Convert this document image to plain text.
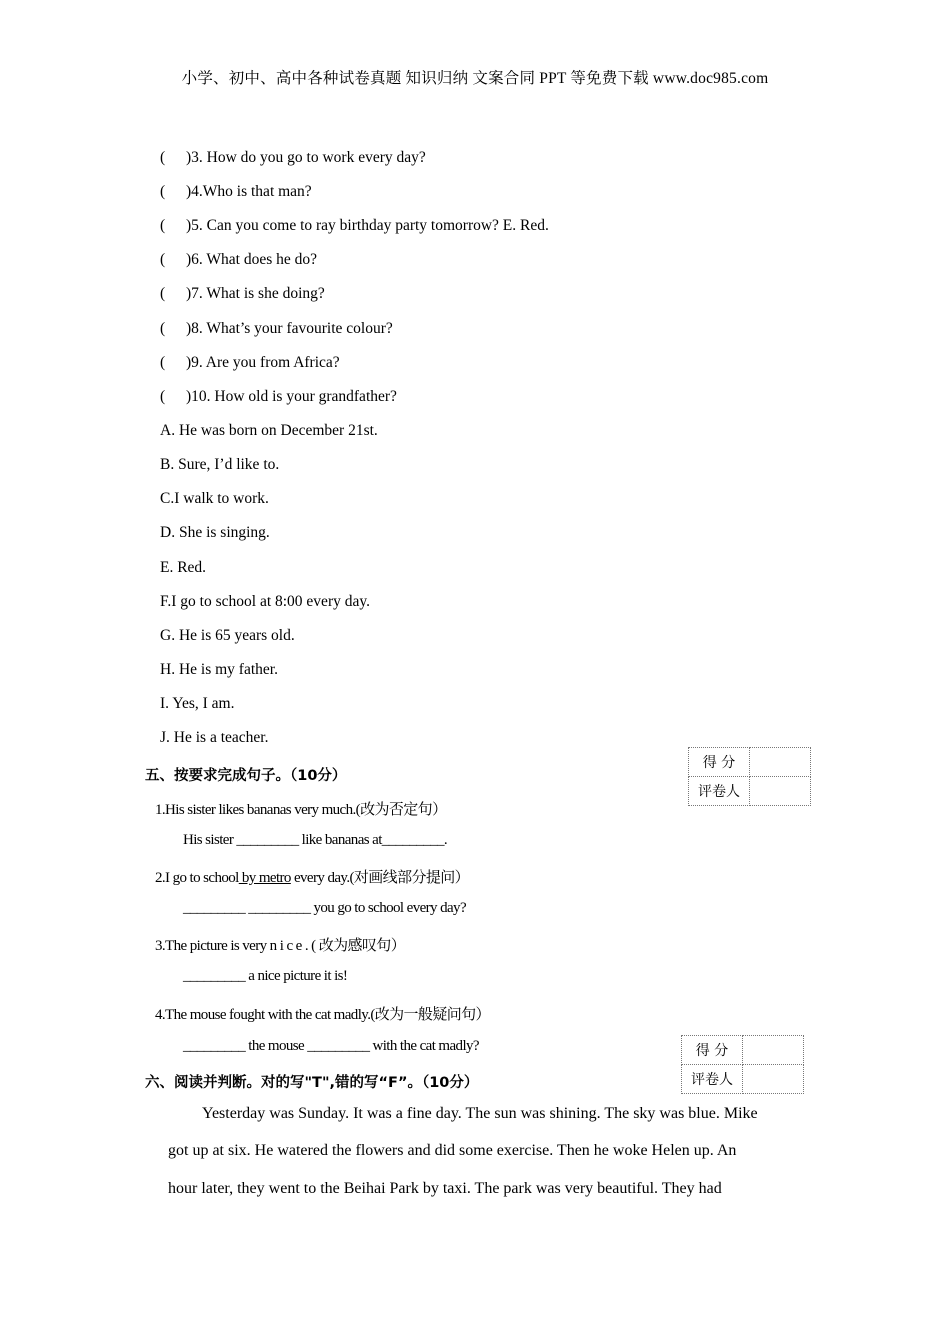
小学、初中、高中各种试卷真题 知识归纳 文案合同 PPT 等免费下载 www.doc985.com
( )3. How do you go to work every day?
( )4.Who is that man?
( )5. Can you come to ray birthday party tomorrow? E. Red.
( )6. What does he do?
( )7. What is she doing?
( )8. What’s your favourite colour?
( )9. Are you from Africa?
( )10. How old is your grandfather?
A. He was born on December 21st.
B. Sure, I’d like to.
C.I walk to work.
D. She is singing.
E. Red.
F.I go to school at 8:00 every day.
G. He is 65 years old.
H. He is my father.
I. Yes, I am.
J. He is a teacher.
得 分	
评卷人	
五、按要求完成句子。（10分）
1.His sister likes bananas very much.(改为否定句）
His sister _________ like bananas at_________.
2.I go to school by metro every day.(对画线部分提问）
_________ _________ you go to school every day?
3.The picture is very n i c e . ( 改为感叹句）
_________ a nice picture it is!
4.The mouse fought with the cat madly.(改为一般疑问句）
_________ the mouse _________ with the cat madly?	得 分	
评卷人	
六、阅读并判断。对的写"T",错的写“F”。（10分）
Yesterday was Sunday. It was a fine day. The sun was shining. The sky was blue. Mike
got up at six. He watered the flowers and did some exercise. Then he woke Helen up. An
hour later, they went to the Beihai Park by taxi. The park was very beautiful. They had
